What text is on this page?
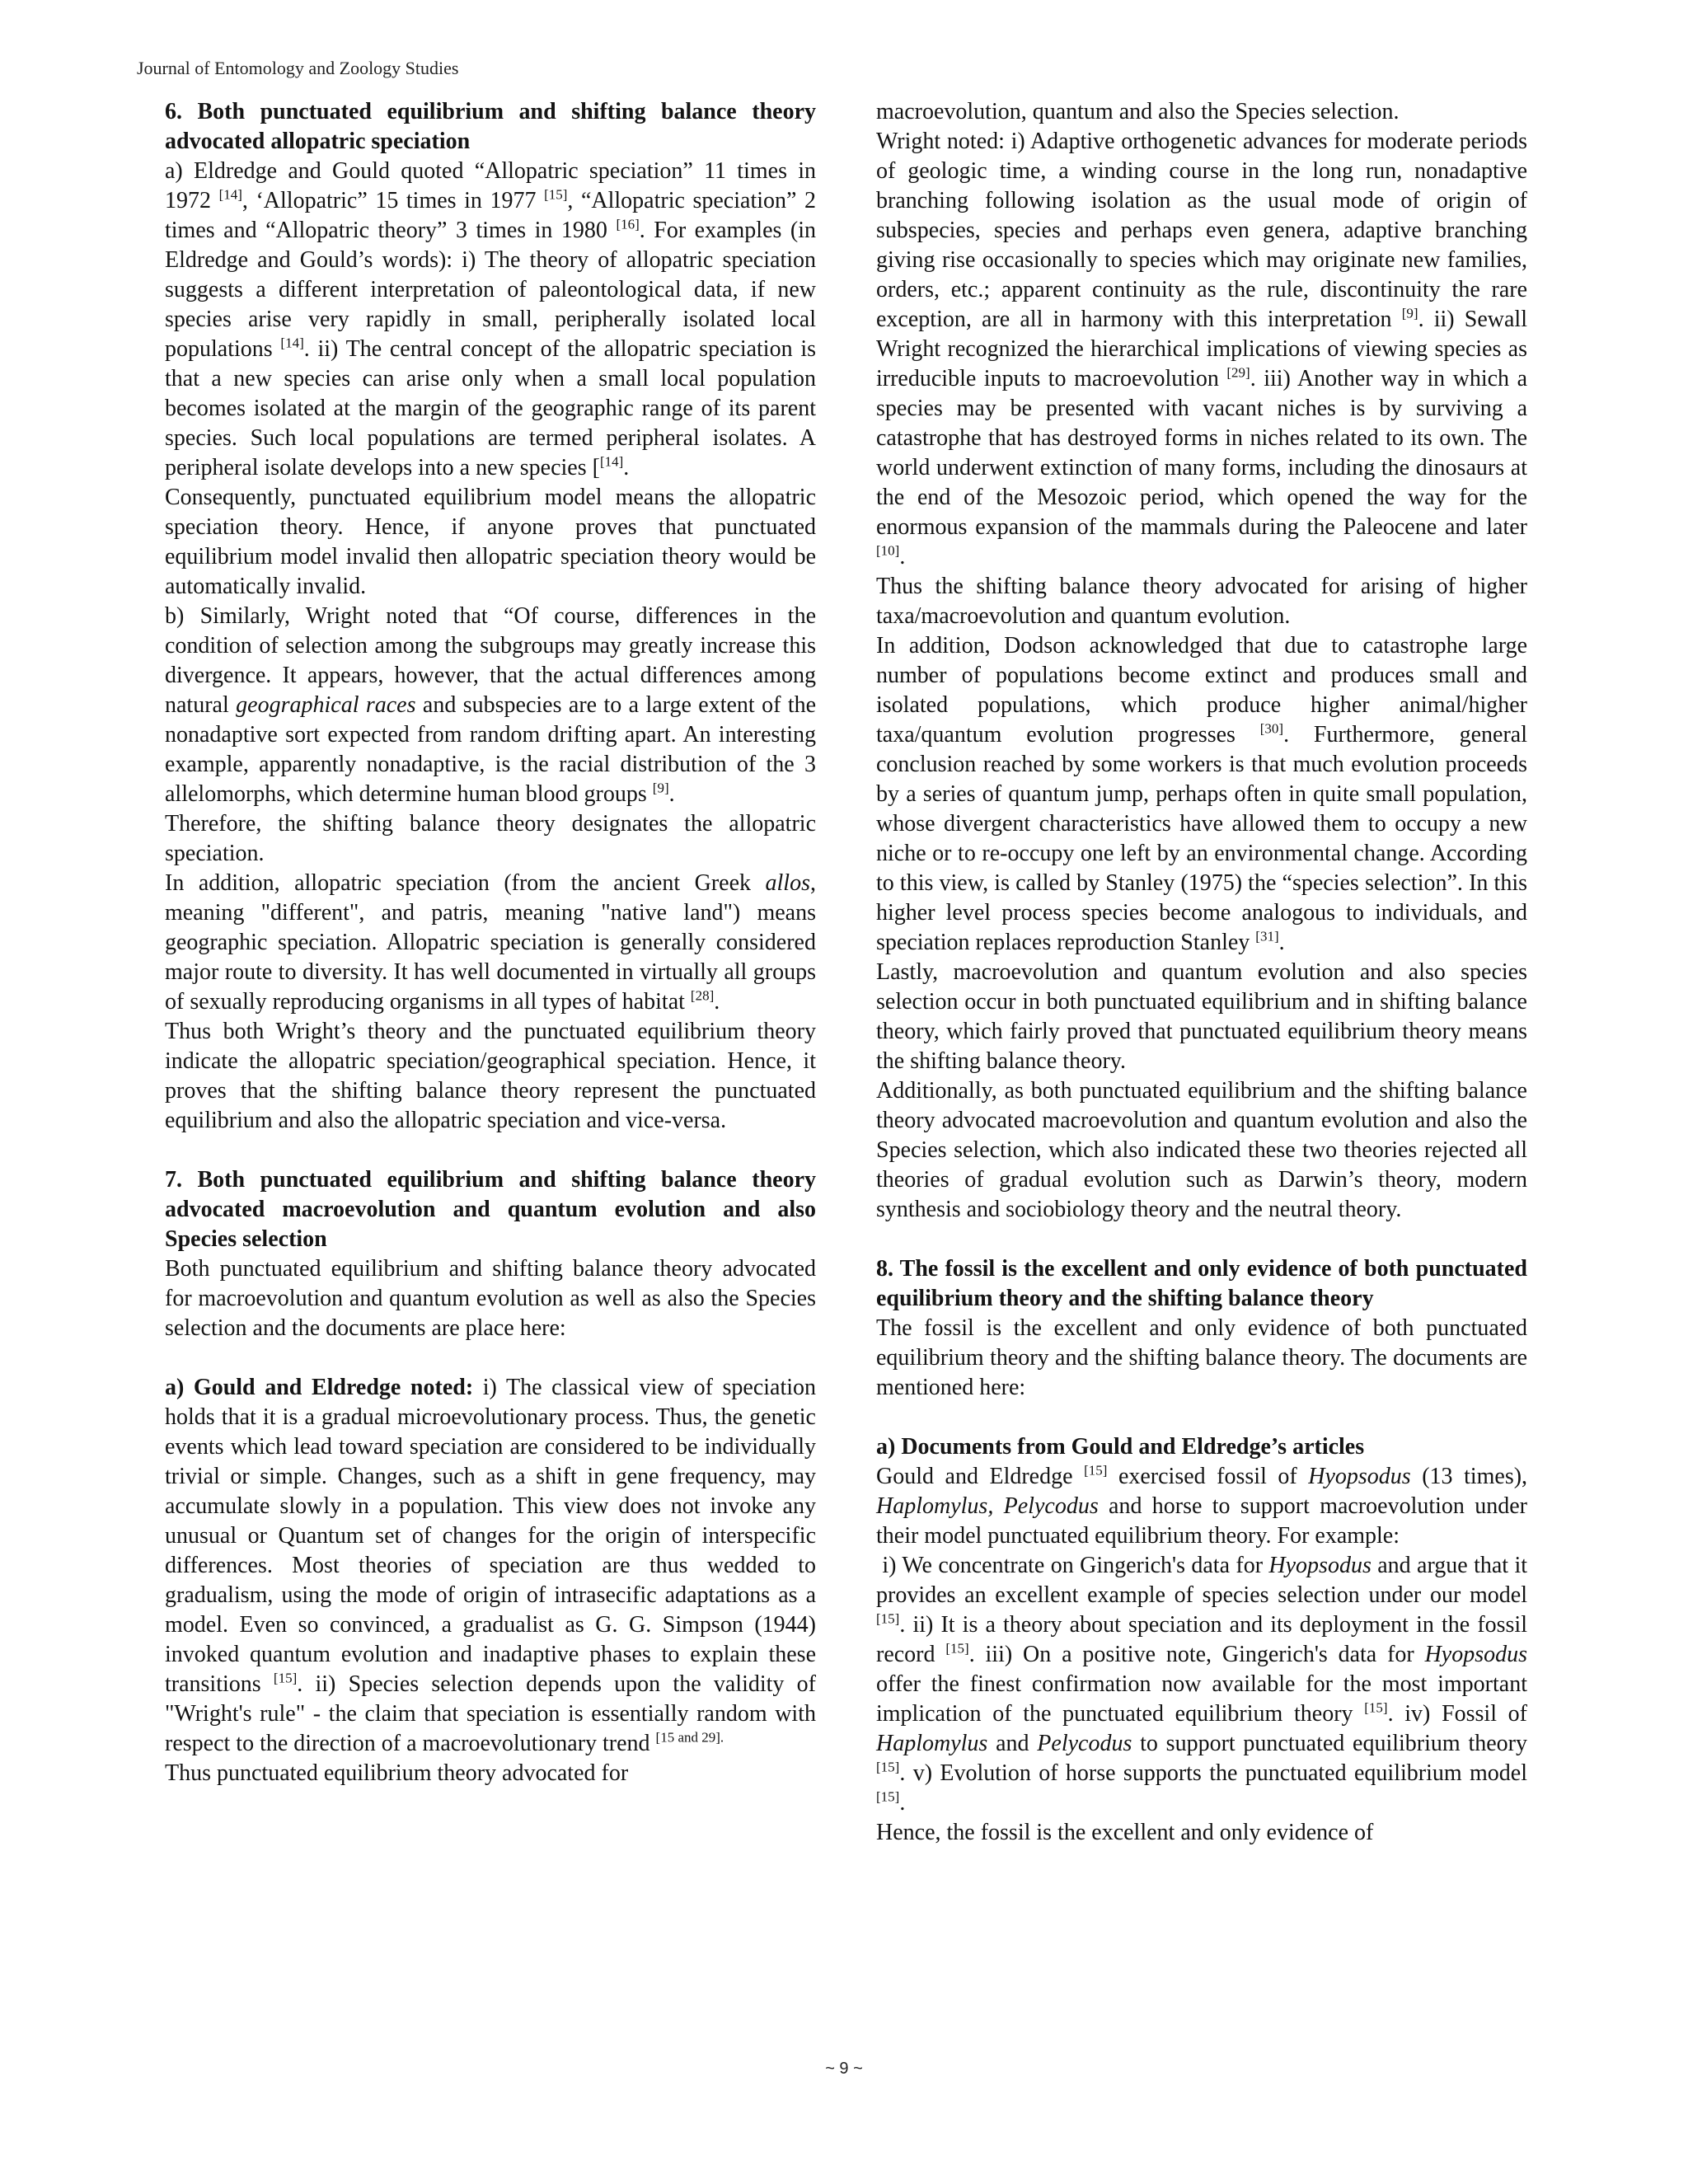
Journal of Entomology and Zoology Studies
6. Both punctuated equilibrium and shifting balance theory advocated allopatric speciation

a) Eldredge and Gould quoted “Allopatric speciation” 11 times in 1972 [14], ‘Allopatric” 15 times in 1977 [15], “Allopatric speciation” 2 times and “Allopatric theory” 3 times in 1980 [16]. For examples (in Eldredge and Gould’s words): i) The theory of allopatric speciation suggests a different interpretation of paleontological data, if new species arise very rapidly in small, peripherally isolated local populations [14]. ii) The central concept of the allopatric speciation is that a new species can arise only when a small local population becomes isolated at the margin of the geographic range of its parent species. Such local populations are termed peripheral isolates. A peripheral isolate develops into a new species [[14].

Consequently, punctuated equilibrium model means the allopatric speciation theory. Hence, if anyone proves that punctuated equilibrium model invalid then allopatric speciation theory would be automatically invalid.

b) Similarly, Wright noted that “Of course, differences in the condition of selection among the subgroups may greatly increase this divergence. It appears, however, that the actual differences among natural geographical races and subspecies are to a large extent of the nonadaptive sort expected from random drifting apart. An interesting example, apparently nonadaptive, is the racial distribution of the 3 allelomorphs, which determine human blood groups [9].

Therefore, the shifting balance theory designates the allopatric speciation.

In addition, allopatric speciation (from the ancient Greek allos, meaning "different", and patris, meaning "native land") means geographic speciation. Allopatric speciation is generally considered major route to diversity. It has well documented in virtually all groups of sexually reproducing organisms in all types of habitat [28].

Thus both Wright’s theory and the punctuated equilibrium theory indicate the allopatric speciation/geographical speciation. Hence, it proves that the shifting balance theory represent the punctuated equilibrium and also the allopatric speciation and vice-versa.

7. Both punctuated equilibrium and shifting balance theory advocated macroevolution and quantum evolution and also Species selection

Both punctuated equilibrium and shifting balance theory advocated for macroevolution and quantum evolution as well as also the Species selection and the documents are place here:

a) Gould and Eldredge noted: i) The classical view of speciation holds that it is a gradual microevolutionary process. Thus, the genetic events which lead toward speciation are considered to be individually trivial or simple. Changes, such as a shift in gene frequency, may accumulate slowly in a population. This view does not invoke any unusual or Quantum set of changes for the origin of interspecific differences. Most theories of speciation are thus wedded to gradualism, using the mode of origin of intrasecific adaptations as a model. Even so convinced, a gradualist as G. G. Simpson (1944) invoked quantum evolution and inadaptive phases to explain these transitions [15]. ii) Species selection depends upon the validity of "Wright's rule" - the claim that speciation is essentially random with respect to the direction of a macroevolutionary trend $^{[15 and 29].}$

Thus punctuated equilibrium theory advocated for

macroevolution, quantum and also the Species selection.

Wright noted: i) Adaptive orthogenetic advances for moderate periods of geologic time, a winding course in the long run, nonadaptive branching following isolation as the usual mode of origin of subspecies, species and perhaps even genera, adaptive branching giving rise occasionally to species which may originate new families, orders, etc.; apparent continuity as the rule, discontinuity the rare exception, are all in harmony with this interpretation [9]. ii) Sewall Wright recognized the hierarchical implications of viewing species as irreducible inputs to macroevolution [29]. iii) Another way in which a species may be presented with vacant niches is by surviving a catastrophe that has destroyed forms in niches related to its own. The world underwent extinction of many forms, including the dinosaurs at the end of the Mesozoic period, which opened the way for the enormous expansion of the mammals during the Paleocene and later [10].

Thus the shifting balance theory advocated for arising of higher taxa/macroevolution and quantum evolution.

In addition, Dodson acknowledged that due to catastrophe large number of populations become extinct and produces small and isolated populations, which produce higher animal/higher taxa/quantum evolution progresses [30]. Furthermore, general conclusion reached by some workers is that much evolution proceeds by a series of quantum jump, perhaps often in quite small population, whose divergent characteristics have allowed them to occupy a new niche or to re-occupy one left by an environmental change. According to this view, is called by Stanley (1975) the “species selection”. In this higher level process species become analogous to individuals, and speciation replaces reproduction Stanley [31].

Lastly, macroevolution and quantum evolution and also species selection occur in both punctuated equilibrium and in shifting balance theory, which fairly proved that punctuated equilibrium theory means the shifting balance theory.

Additionally, as both punctuated equilibrium and the shifting balance theory advocated macroevolution and quantum evolution and also the Species selection, which also indicated these two theories rejected all theories of gradual evolution such as Darwin’s theory, modern synthesis and sociobiology theory and the neutral theory.

8. The fossil is the excellent and only evidence of both punctuated equilibrium theory and the shifting balance theory

The fossil is the excellent and only evidence of both punctuated equilibrium theory and the shifting balance theory. The documents are mentioned here:

a) Documents from Gould and Eldredge’s articles

Gould and Eldredge [15] exercised fossil of Hyopsodus (13 times), Haplomylus, Pelycodus and horse to support macroevolution under their model punctuated equilibrium theory. For example:

i) We concentrate on Gingerich's data for Hyopsodus and argue that it provides an excellent example of species selection under our model [15]. ii) It is a theory about speciation and its deployment in the fossil record [15]. iii) On a positive note, Gingerich's data for Hyopsodus offer the finest confirmation now available for the most important implication of the punctuated equilibrium theory [15]. iv) Fossil of Haplomylus and Pelycodus to support punctuated equilibrium theory [15]. v) Evolution of horse supports the punctuated equilibrium model [15].

Hence, the fossil is the excellent and only evidence of

~ 9 ~
